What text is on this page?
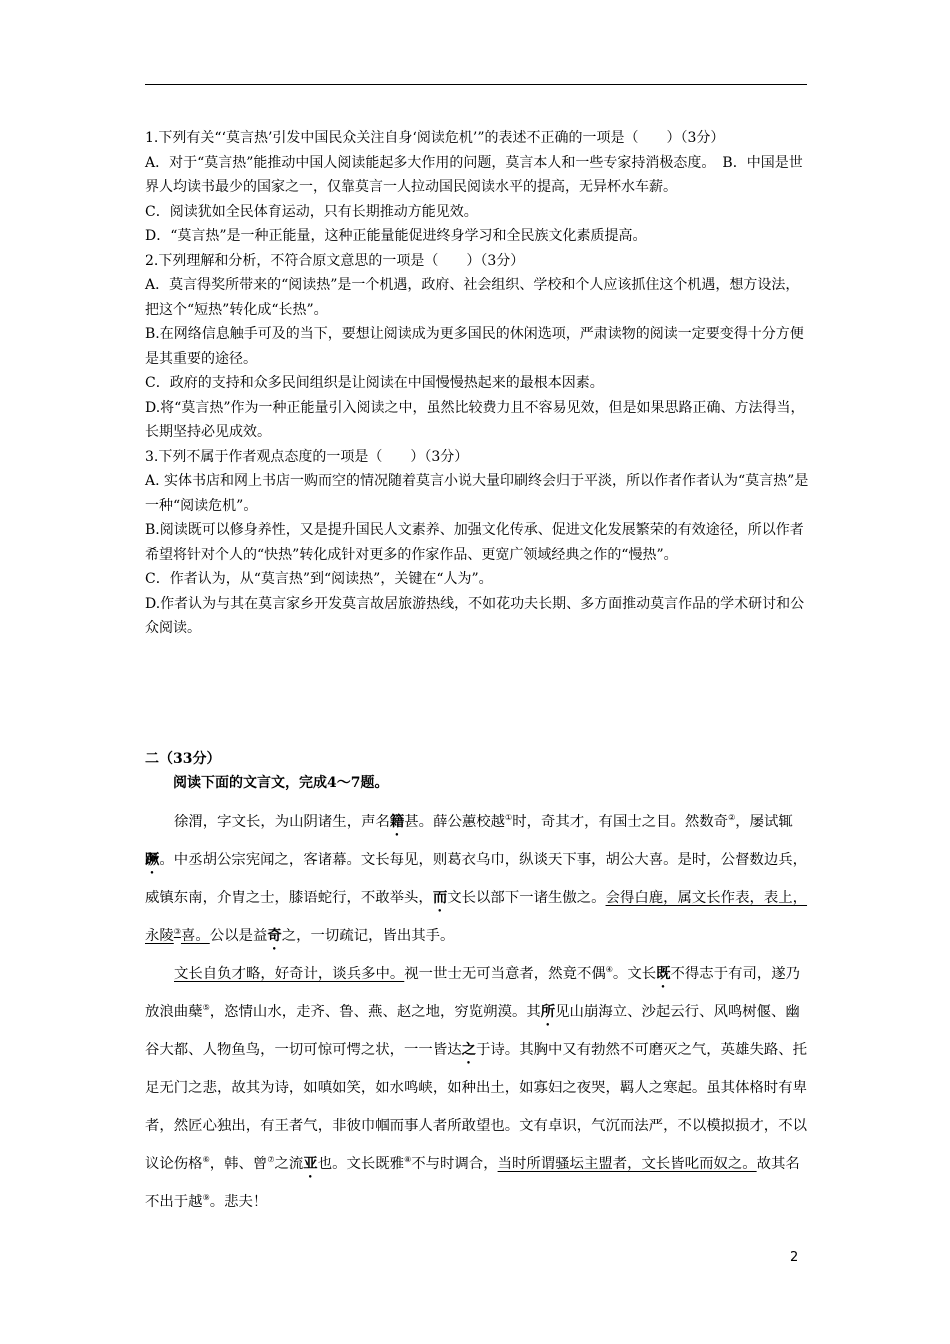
1.下列有关“‘莫言热’引发中国民众关注自身‘阅读危机’”的表述不正确的一项是（　　）（3分）

A．对于“莫言热”能推动中国人阅读能起多大作用的问题，莫言本人和一些专家持消极态度。　B．中国是世界人均读书最少的国家之一，仅靠莫言一人拉动国民阅读水平的提高，无异杯水车薪。

C．阅读犹如全民体育运动，只有长期推动方能见效。

D．“莫言热”是一种正能量，这种正能量能促进终身学习和全民族文化素质提高。

2.下列理解和分析，不符合原文意思的一项是（　　）（3分）

A．莫言得奖所带来的“阅读热”是一个机遇，政府、社会组织、学校和个人应该抓住这个机遇，想方设法，把这个“短热”转化成“长热”。

B.在网络信息触手可及的当下，要想让阅读成为更多国民的休闲选项，严肃读物的阅读一定要变得十分方便是其重要的途径。

C．政府的支持和众多民间组织是让阅读在中国慢慢热起来的最根本因素。

D.将“莫言热”作为一种正能量引入阅读之中，虽然比较费力且不容易见效，但是如果思路正确、方法得当，长期坚持必见成效。

3.下列不属于作者观点态度的一项是（　　）（3分）

A. 实体书店和网上书店一购而空的情况随着莫言小说大量印刷终会归于平淡，所以作者作者认为“莫言热”是一种“阅读危机”。

B.阅读既可以修身养性，又是提升国民人文素养、加强文化传承、促进文化发展繁荣的有效途径，所以作者希望将针对个人的“快热”转化成针对更多的作家作品、更宽广领域经典之作的“慢热”。

C．作者认为，从“莫言热”到“阅读热”，关键在“人为”。

D.作者认为与其在莫言家乡开发莫言故居旅游热线，不如花功夫长期、多方面推动莫言作品的学术研讨和公众阅读。

二（33分）

阅读下面的文言文，完成4～7题。

徐渭，字文长，为山阴诸生，声名籍甚。薛公蕙校越①时，奇其才，有国士之目。然数奇②，屡试辄蹶。中丞胡公宗宪闻之，客诸幕。文长每见，则葛衣乌巾，纵谈天下事，胡公大喜。是时，公督数边兵，威镇东南，介胄之士，膝语蛇行，不敢举头，而文长以部下一诸生傲之。会得白鹿，属文长作表，表上，永陵③喜。公以是益奇之，一切疏记，皆出其手。

文长自负才略，好奇计，谈兵多中。视一世士无可当意者，然竟不偶④。文长既不得志于有司，遂乃放浪曲蘖⑤，恣情山水，走齐、鲁、燕、赵之地，穷览朔漠。其所见山崩海立、沙起云行、风鸣树偃、幽谷大都、人物鱼鸟，一切可惊可愕之状，一一皆达之于诗。其胸中又有勃然不可磨灭之气，英雄失路、托足无门之悲，故其为诗，如嗔如笑，如水鸣峡，如种出土，如寡妇之夜哭，羁人之寒起。虽其体格时有卑者，然匠心独出，有王者气，非彼巾帼而事人者所敢望也。文有卓识，气沉而法严，不以模拟损才，不以议论伤格⑥，韩、曾⑦之流亚也。文长既雅⑧不与时调合，当时所谓骚坛主盟者，文长皆叱而奴之。故其名不出于越⑨。悲夫！

2
